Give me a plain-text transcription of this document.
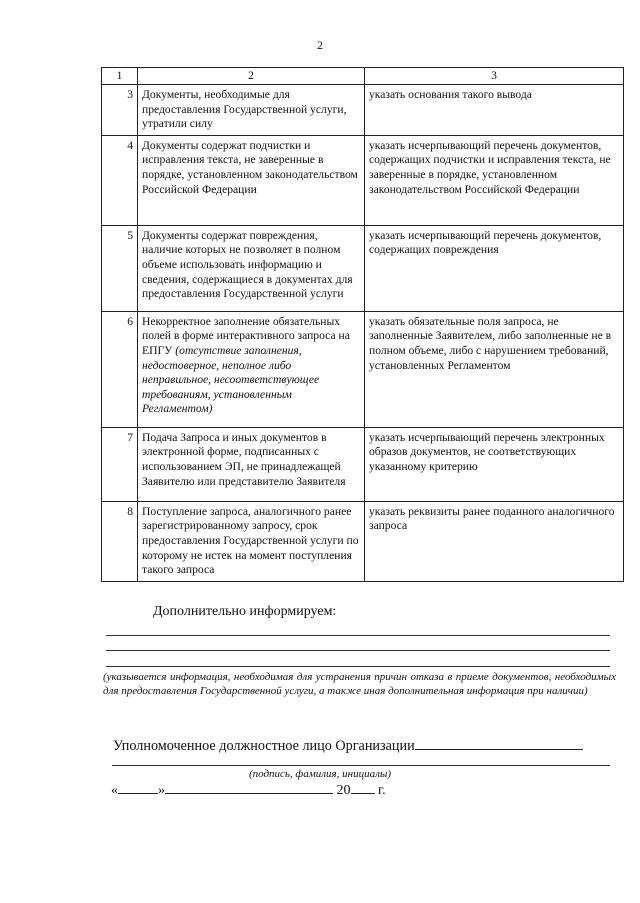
2
1	2	3
3	Документы, необходимые для предоставления Государственной услуги, утратили силу	указать основания такого вывода
4	Документы содержат подчистки и исправления текста, не заверенные в порядке, установленном законодательством Российской Федерации	указать исчерпывающий перечень документов, содержащих подчистки и исправления текста, не заверенные в порядке, установленном законодательством Российской Федерации
5	Документы содержат повреждения, наличие которых не позволяет в полном объеме использовать информацию и сведения, содержащиеся в документах для предоставления Государственной услуги	указать исчерпывающий перечень документов, содержащих повреждения
6	Некорректное заполнение обязательных полей в форме интерактивного запроса на ЕПГУ (отсутствие заполнения, недостоверное, неполное либо неправильное, несоответствующее требованиям, установленным Регламентом)	указать обязательные поля запроса, не заполненные Заявителем, либо заполненные не в полном объеме, либо с нарушением требований, установленных Регламентом
7	Подача Запроса и иных документов в электронной форме, подписанных с использованием ЭП, не принадлежащей Заявителю или представителю Заявителя	указать исчерпывающий перечень электронных образов документов, не соответствующих указанному критерию
8	Поступление запроса, аналогичного ранее зарегистрированному запросу, срок предоставления Государственной услуги по которому не истек на момент поступления такого запроса	указать реквизиты ранее поданного аналогичного запроса
Дополнительно информируем:
(указывается информация, необходимая для устранения причин отказа в приеме документов, необходимых для предоставления Государственной услуги, а также иная дополнительная информация при наличии)
Уполномоченное должностное лицо Организации
(подпись, фамилия, инициалы)
«	»	20 г.
